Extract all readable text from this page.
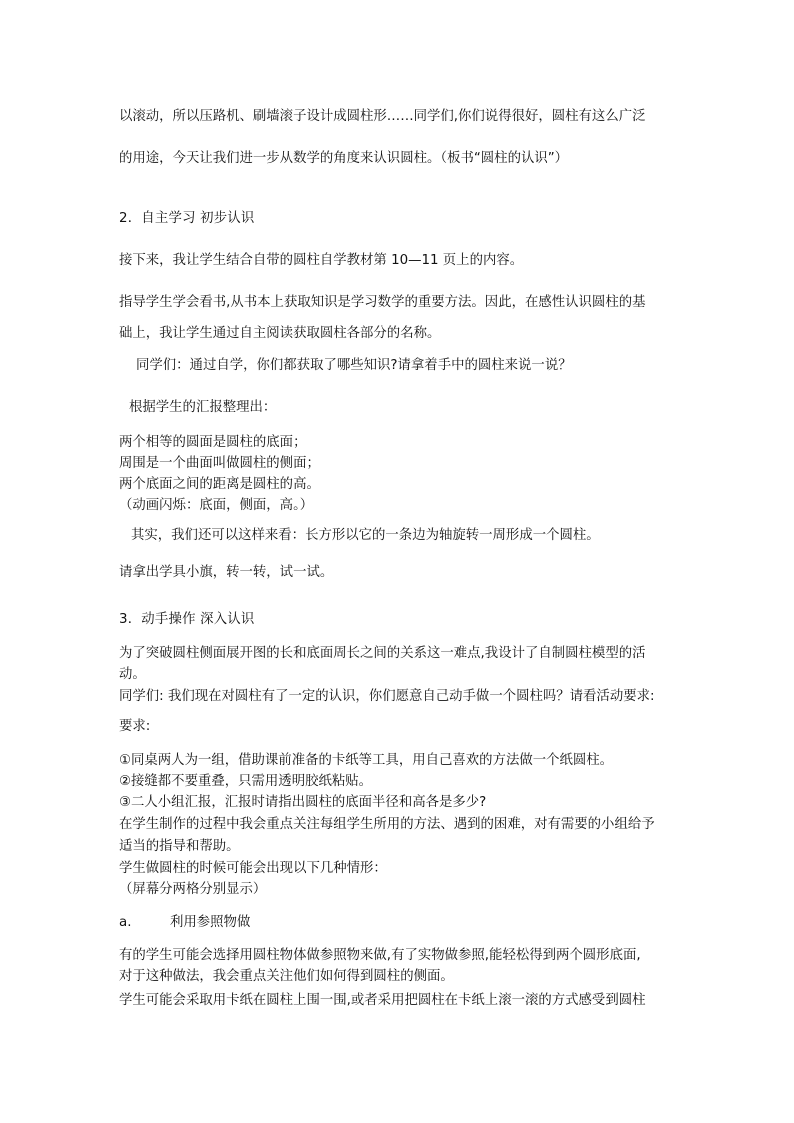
以滚动，所以压路机、刷墙滚子设计成圆柱形……同学们,你们说得很好，圆柱有这么广泛
的用途，今天让我们进一步从数学的角度来认识圆柱。（板书“圆柱的认识”）
2．自主学习 初步认识
接下来，我让学生结合自带的圆柱自学教材第 10—11 页上的内容。
指导学生学会看书,从书本上获取知识是学习数学的重要方法。因此，在感性认识圆柱的基
础上，我让学生通过自主阅读获取圆柱各部分的名称。
同学们：通过自学，你们都获取了哪些知识?请拿着手中的圆柱来说一说？
根据学生的汇报整理出：
两个相等的圆面是圆柱的底面；
周围是一个曲面叫做圆柱的侧面；
两个底面之间的距离是圆柱的高。
（动画闪烁：底面，侧面，高。）
其实，我们还可以这样来看：长方形以它的一条边为轴旋转一周形成一个圆柱。
请拿出学具小旗，转一转，试一试。
3．动手操作 深入认识
为了突破圆柱侧面展开图的长和底面周长之间的关系这一难点,我设计了自制圆柱模型的活
动。
同学们: 我们现在对圆柱有了一定的认识，你们愿意自己动手做一个圆柱吗？请看活动要求:
要求:
①同桌两人为一组，借助课前准备的卡纸等工具，用自己喜欢的方法做一个纸圆柱。
②接缝都不要重叠，只需用透明胶纸粘贴。
③二人小组汇报，汇报时请指出圆柱的底面半径和高各是多少?
在学生制作的过程中我会重点关注每组学生所用的方法、遇到的困难，对有需要的小组给予
适当的指导和帮助。
学生做圆柱的时候可能会出现以下几种情形：
（屏幕分两格分别显示）
a.	利用参照物做
有的学生可能会选择用圆柱物体做参照物来做,有了实物做参照,能轻松得到两个圆形底面,
对于这种做法，我会重点关注他们如何得到圆柱的侧面。
学生可能会采取用卡纸在圆柱上围一围,或者采用把圆柱在卡纸上滚一滚的方式感受到圆柱
